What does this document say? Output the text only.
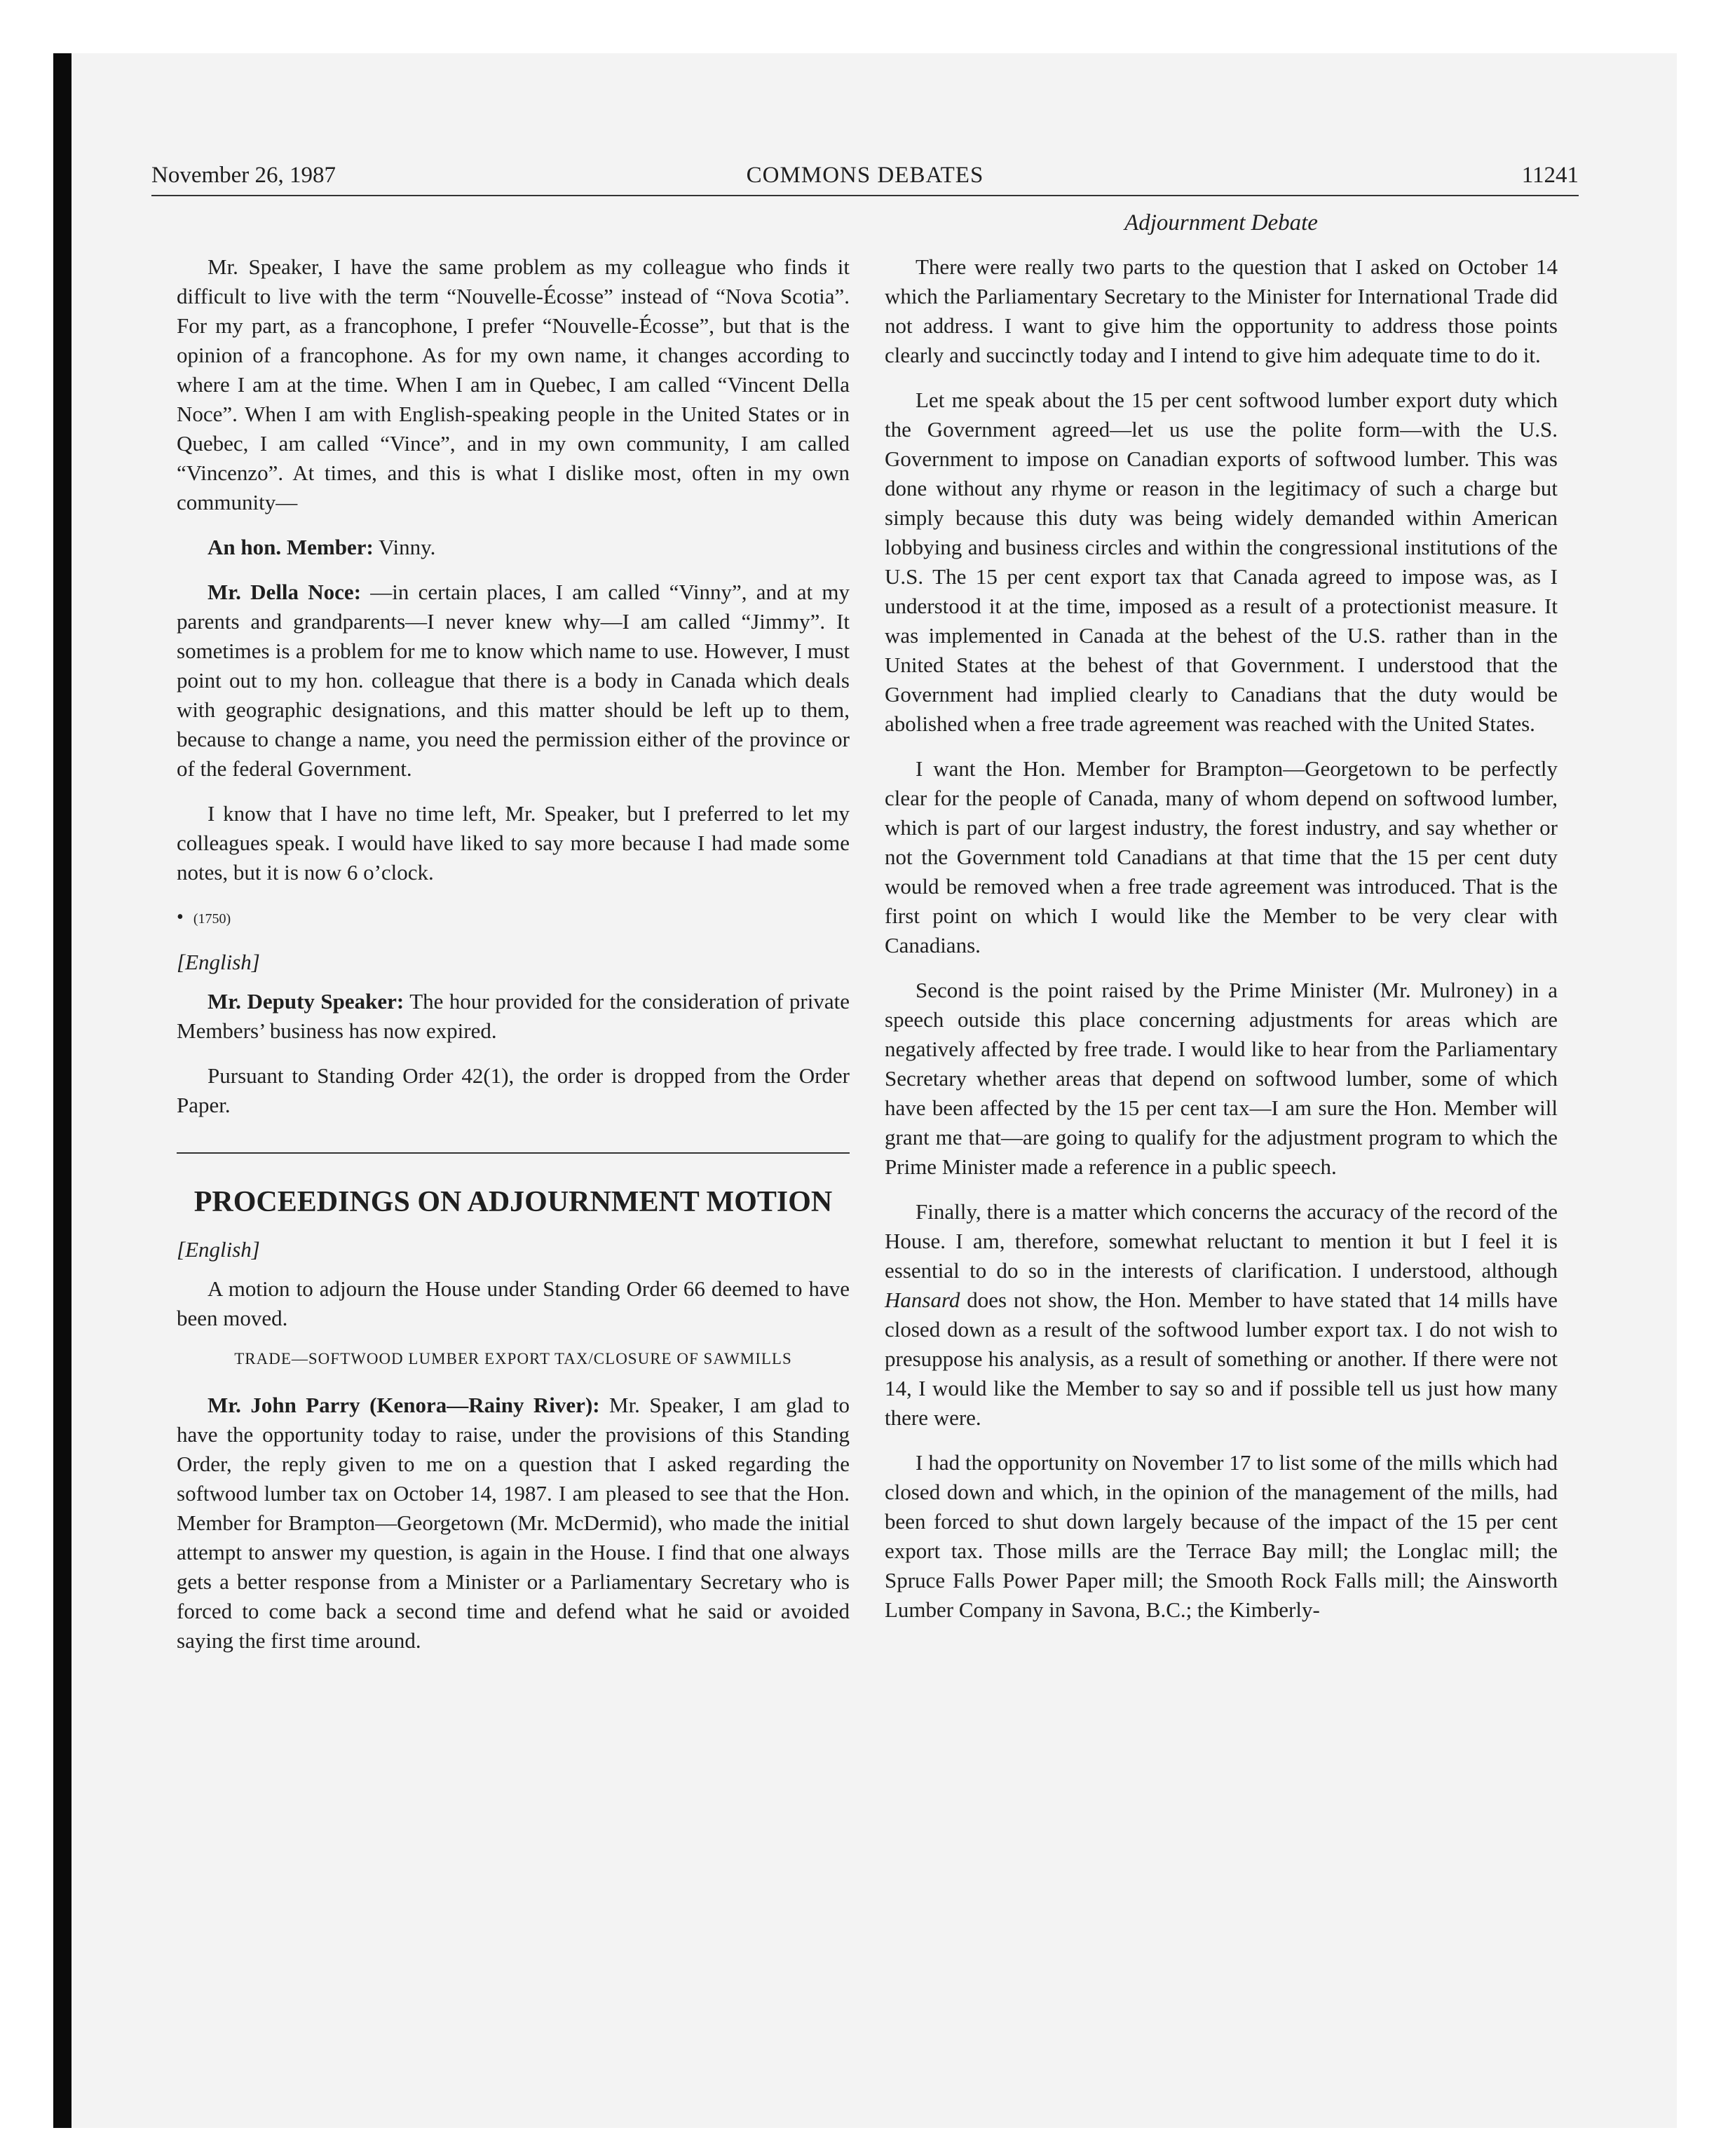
November 26, 1987	COMMONS DEBATES	11241
Adjournment Debate

Mr. Speaker, I have the same problem as my colleague who finds it difficult to live with the term “Nouvelle-Écosse” instead of “Nova Scotia”. For my part, as a francophone, I prefer “Nouvelle-Écosse”, but that is the opinion of a francophone. As for my own name, it changes according to where I am at the time. When I am in Quebec, I am called “Vincent Della Noce”. When I am with English-speaking people in the United States or in Quebec, I am called “Vince”, and in my own community, I am called “Vincenzo”. At times, and this is what I dislike most, often in my own community—

An hon. Member: Vinny.

Mr. Della Noce: —in certain places, I am called “Vinny”, and at my parents and grandparents—I never knew why—I am called “Jimmy”. It sometimes is a problem for me to know which name to use. However, I must point out to my hon. colleague that there is a body in Canada which deals with geographic designations, and this matter should be left up to them, because to change a name, you need the permission either of the province or of the federal Government.

I know that I have no time left, Mr. Speaker, but I preferred to let my colleagues speak. I would have liked to say more because I had made some notes, but it is now 6 o’clock.

• (1750)
[English]

Mr. Deputy Speaker: The hour provided for the consideration of private Members’ business has now expired.

Pursuant to Standing Order 42(1), the order is dropped from the Order Paper.

PROCEEDINGS ON ADJOURNMENT MOTION
[English]

A motion to adjourn the House under Standing Order 66 deemed to have been moved.

TRADE—SOFTWOOD LUMBER EXPORT TAX/CLOSURE OF SAWMILLS

Mr. John Parry (Kenora—Rainy River): Mr. Speaker, I am glad to have the opportunity today to raise, under the provisions of this Standing Order, the reply given to me on a question that I asked regarding the softwood lumber tax on October 14, 1987. I am pleased to see that the Hon. Member for Brampton—Georgetown (Mr. McDermid), who made the initial attempt to answer my question, is again in the House. I find that one always gets a better response from a Minister or a Parliamentary Secretary who is forced to come back a second time and defend what he said or avoided saying the first time around.

There were really two parts to the question that I asked on October 14 which the Parliamentary Secretary to the Minister for International Trade did not address. I want to give him the opportunity to address those points clearly and succinctly today and I intend to give him adequate time to do it.

Let me speak about the 15 per cent softwood lumber export duty which the Government agreed—let us use the polite form—with the U.S. Government to impose on Canadian exports of softwood lumber. This was done without any rhyme or reason in the legitimacy of such a charge but simply because this duty was being widely demanded within American lobbying and business circles and within the congressional institutions of the U.S. The 15 per cent export tax that Canada agreed to impose was, as I understood it at the time, imposed as a result of a protectionist measure. It was implemented in Canada at the behest of the U.S. rather than in the United States at the behest of that Government. I understood that the Government had implied clearly to Canadians that the duty would be abolished when a free trade agreement was reached with the United States.

I want the Hon. Member for Brampton—Georgetown to be perfectly clear for the people of Canada, many of whom depend on softwood lumber, which is part of our largest industry, the forest industry, and say whether or not the Government told Canadians at that time that the 15 per cent duty would be removed when a free trade agreement was introduced. That is the first point on which I would like the Member to be very clear with Canadians.

Second is the point raised by the Prime Minister (Mr. Mulroney) in a speech outside this place concerning adjustments for areas which are negatively affected by free trade. I would like to hear from the Parliamentary Secretary whether areas that depend on softwood lumber, some of which have been affected by the 15 per cent tax—I am sure the Hon. Member will grant me that—are going to qualify for the adjustment program to which the Prime Minister made a reference in a public speech.

Finally, there is a matter which concerns the accuracy of the record of the House. I am, therefore, somewhat reluctant to mention it but I feel it is essential to do so in the interests of clarification. I understood, although Hansard does not show, the Hon. Member to have stated that 14 mills have closed down as a result of the softwood lumber export tax. I do not wish to presuppose his analysis, as a result of something or another. If there were not 14, I would like the Member to say so and if possible tell us just how many there were.

I had the opportunity on November 17 to list some of the mills which had closed down and which, in the opinion of the management of the mills, had been forced to shut down largely because of the impact of the 15 per cent export tax. Those mills are the Terrace Bay mill; the Longlac mill; the Spruce Falls Power Paper mill; the Smooth Rock Falls mill; the Ainsworth Lumber Company in Savona, B.C.; the Kimberly-
